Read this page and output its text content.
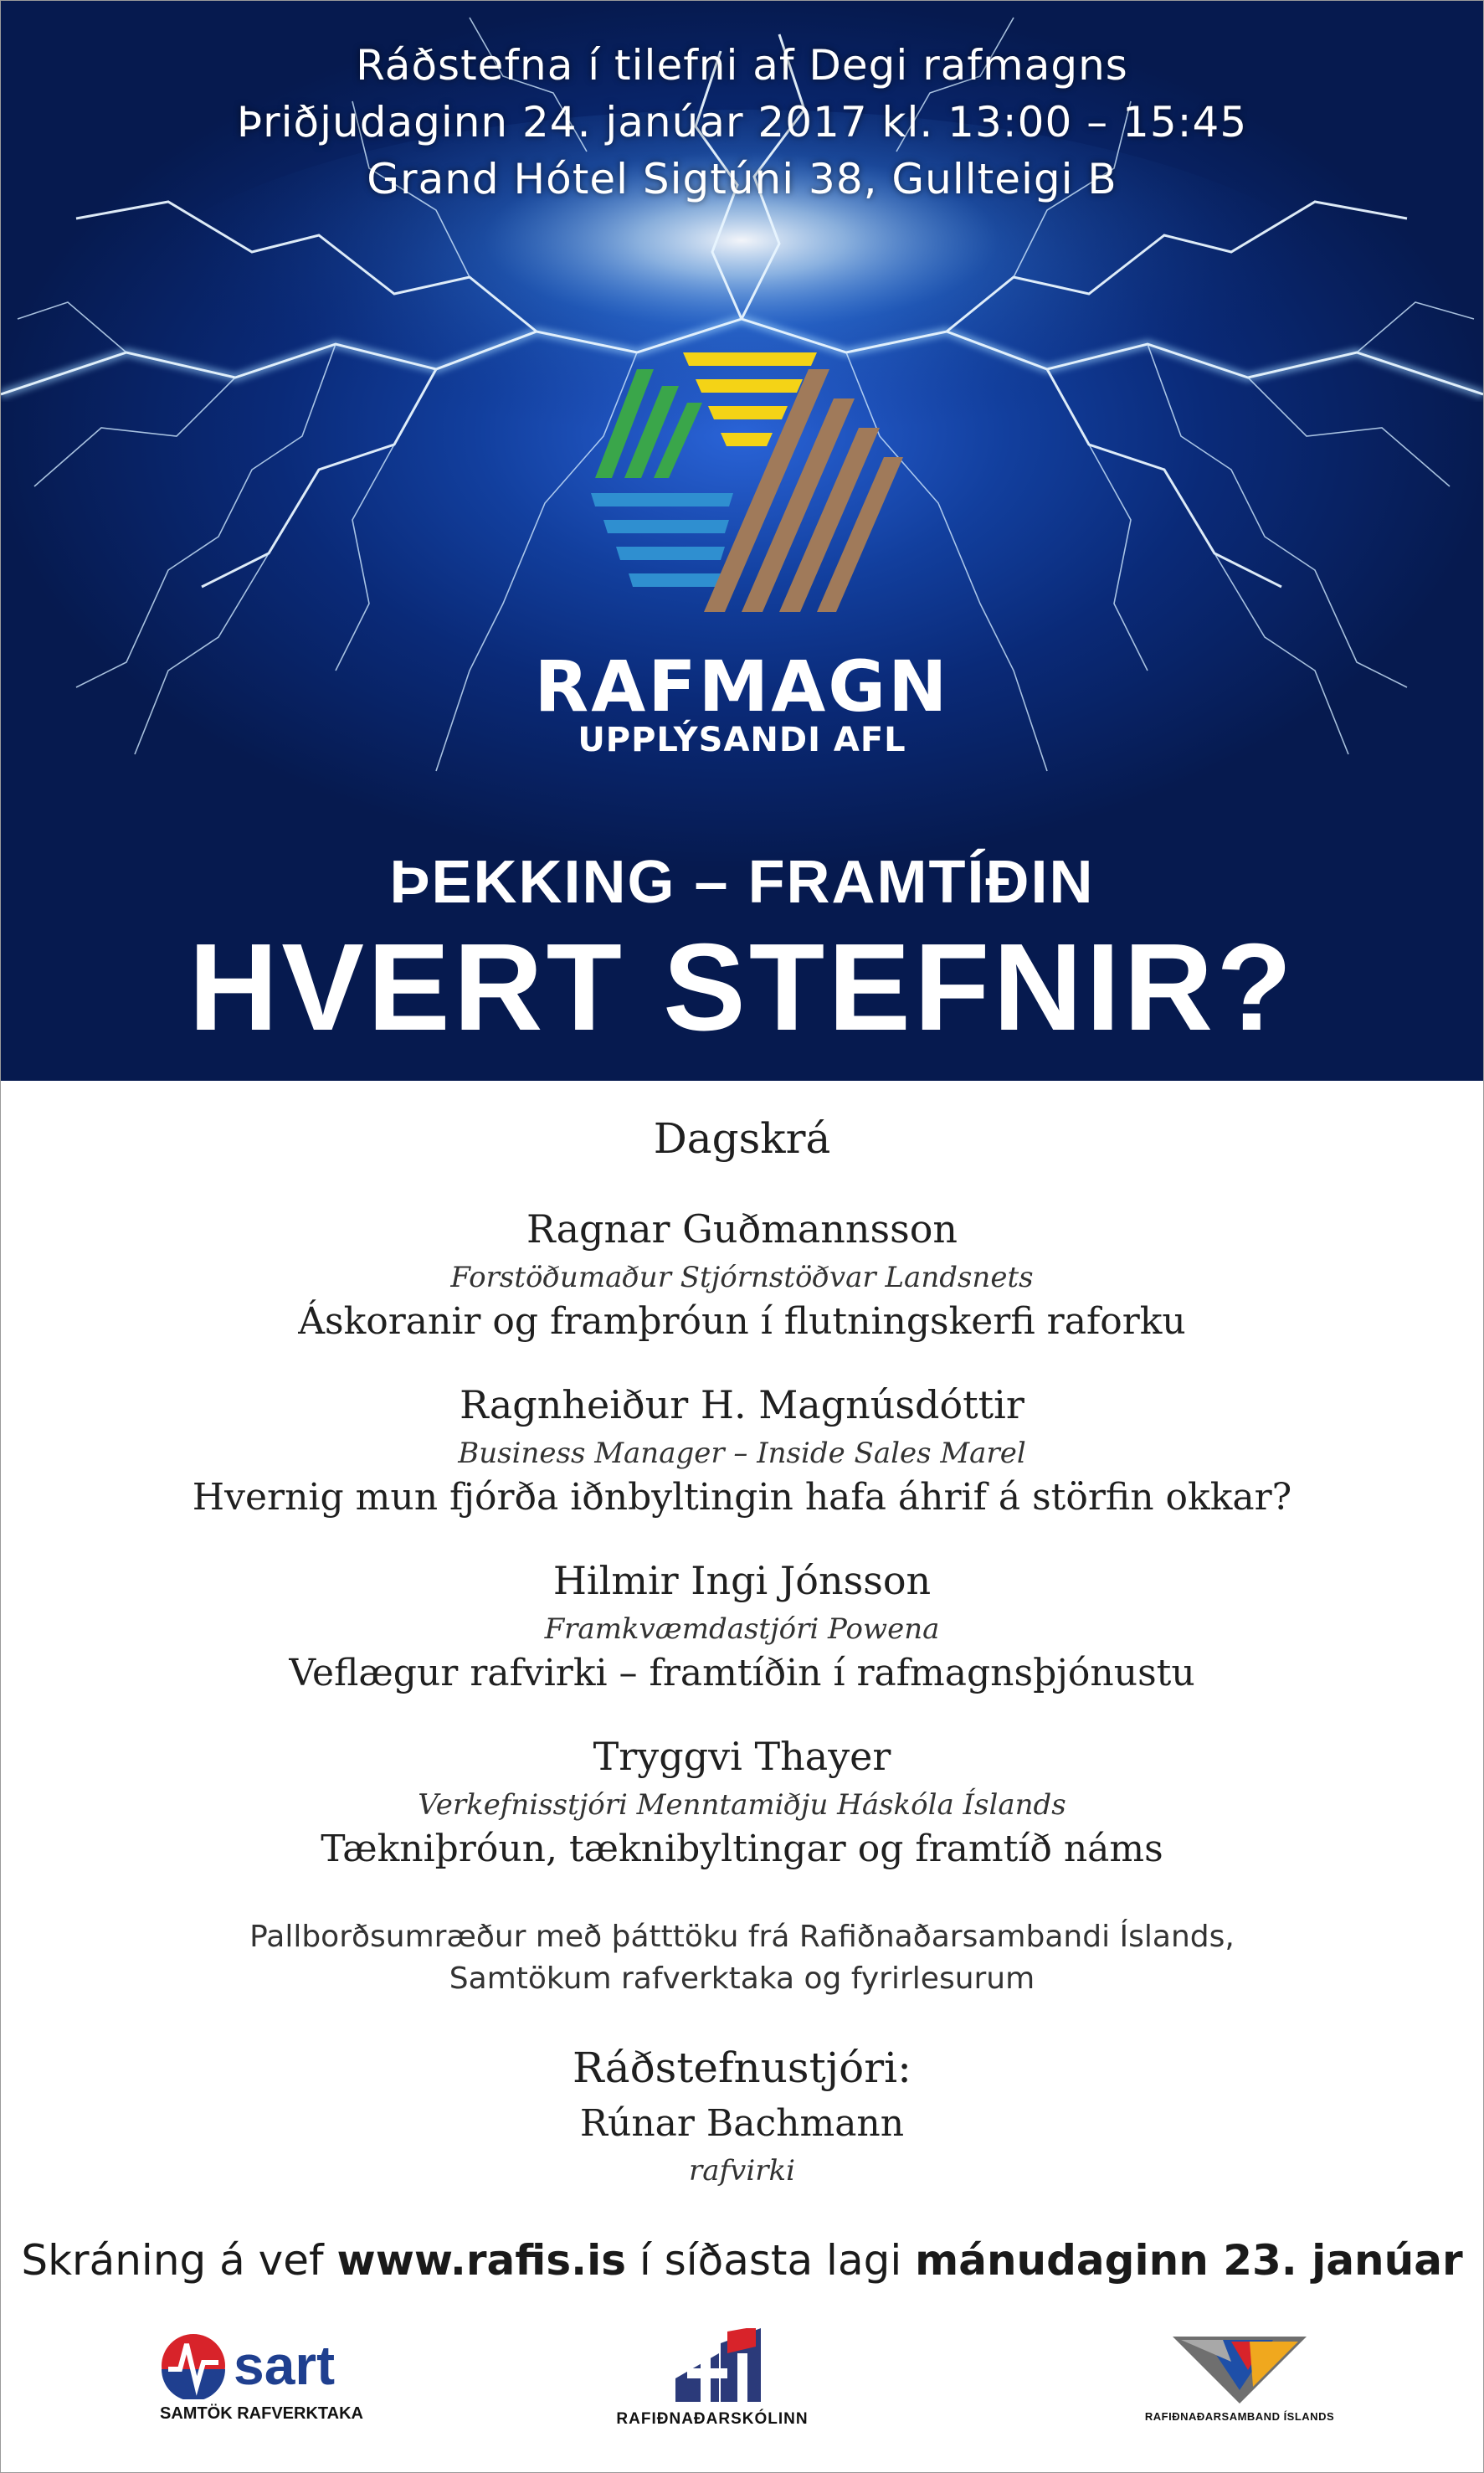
Ráðstefna í tilefni af Degi rafmagns
Þriðjudaginn 24. janúar 2017 kl. 13:00 – 15:45
Grand Hótel Sigtúni 38, Gullteigi B
RAFMAGN
UPPLÝSANDI AFL
ÞEKKING – FRAMTÍÐIN
HVERT STEFNIR?
Dagskrá
Ragnar Guðmannsson
Forstöðumaður Stjórnstöðvar Landsnets
Áskoranir og framþróun í flutningskerfi raforku
Ragnheiður H. Magnúsdóttir
Business Manager – Inside Sales Marel
Hvernig mun fjórða iðnbyltingin hafa áhrif á störfin okkar?
Hilmir Ingi Jónsson
Framkvæmdastjóri Powena
Veflægur rafvirki – framtíðin í rafmagnsþjónustu
Tryggvi Thayer
Verkefnisstjóri Menntamiðju Háskóla Íslands
Tækniþróun, tæknibyltingar og framtíð náms
Pallborðsumræður með þátttöku frá Rafiðnaðarsambandi Íslands,
Samtökum rafverktaka og fyrirlesurum
Ráðstefnustjóri:
Rúnar Bachmann
rafvirki
Skráning á vef www.rafis.is í síðasta lagi mánudaginn 23. janúar
sart
SAMTÖK RAFVERKTAKA	RAFIÐNAÐARSKÓLINN	RAFIÐNAÐARSAMBAND ÍSLANDS
